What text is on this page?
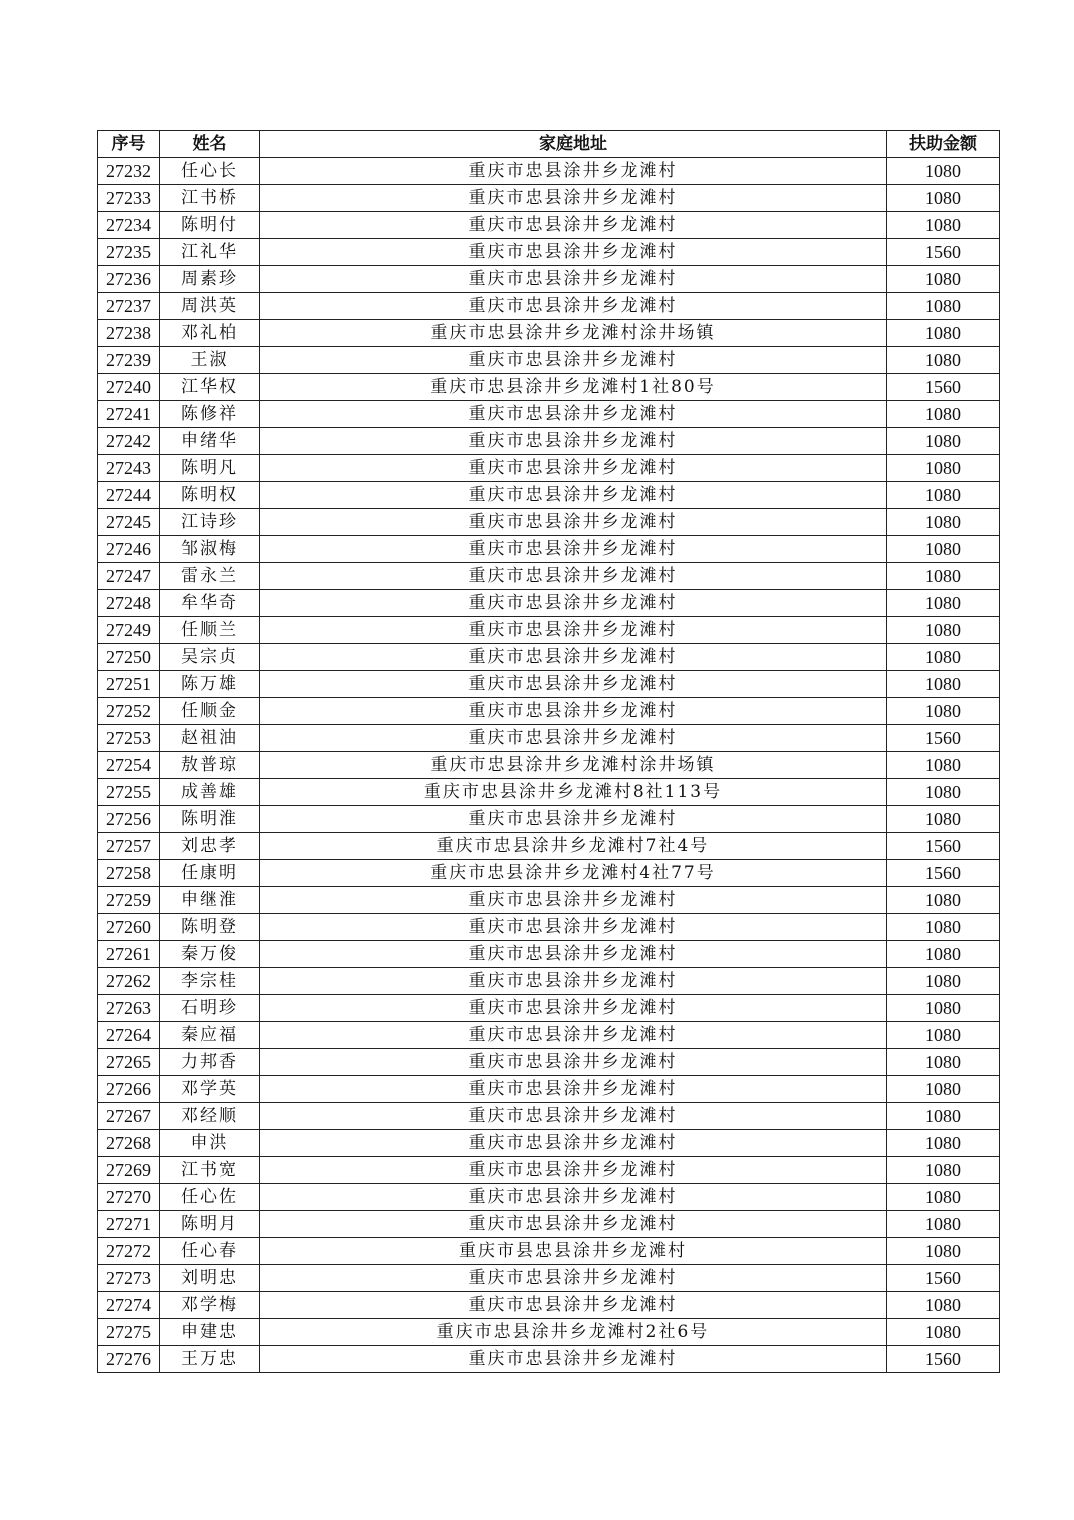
序号	姓名	家庭地址	扶助金额
27232	任心长	重庆市忠县涂井乡龙滩村	1080
27233	江书桥	重庆市忠县涂井乡龙滩村	1080
27234	陈明付	重庆市忠县涂井乡龙滩村	1080
27235	江礼华	重庆市忠县涂井乡龙滩村	1560
27236	周素珍	重庆市忠县涂井乡龙滩村	1080
27237	周洪英	重庆市忠县涂井乡龙滩村	1080
27238	邓礼柏	重庆市忠县涂井乡龙滩村涂井场镇	1080
27239	王淑	重庆市忠县涂井乡龙滩村	1080
27240	江华权	重庆市忠县涂井乡龙滩村1社80号	1560
27241	陈修祥	重庆市忠县涂井乡龙滩村	1080
27242	申绪华	重庆市忠县涂井乡龙滩村	1080
27243	陈明凡	重庆市忠县涂井乡龙滩村	1080
27244	陈明权	重庆市忠县涂井乡龙滩村	1080
27245	江诗珍	重庆市忠县涂井乡龙滩村	1080
27246	邹淑梅	重庆市忠县涂井乡龙滩村	1080
27247	雷永兰	重庆市忠县涂井乡龙滩村	1080
27248	牟华奇	重庆市忠县涂井乡龙滩村	1080
27249	任顺兰	重庆市忠县涂井乡龙滩村	1080
27250	吴宗贞	重庆市忠县涂井乡龙滩村	1080
27251	陈万雄	重庆市忠县涂井乡龙滩村	1080
27252	任顺金	重庆市忠县涂井乡龙滩村	1080
27253	赵祖油	重庆市忠县涂井乡龙滩村	1560
27254	敖普琼	重庆市忠县涂井乡龙滩村涂井场镇	1080
27255	成善雄	重庆市忠县涂井乡龙滩村8社113号	1080
27256	陈明淮	重庆市忠县涂井乡龙滩村	1080
27257	刘忠孝	重庆市忠县涂井乡龙滩村7社4号	1560
27258	任康明	重庆市忠县涂井乡龙滩村4社77号	1560
27259	申继淮	重庆市忠县涂井乡龙滩村	1080
27260	陈明登	重庆市忠县涂井乡龙滩村	1080
27261	秦万俊	重庆市忠县涂井乡龙滩村	1080
27262	李宗桂	重庆市忠县涂井乡龙滩村	1080
27263	石明珍	重庆市忠县涂井乡龙滩村	1080
27264	秦应福	重庆市忠县涂井乡龙滩村	1080
27265	力邦香	重庆市忠县涂井乡龙滩村	1080
27266	邓学英	重庆市忠县涂井乡龙滩村	1080
27267	邓经顺	重庆市忠县涂井乡龙滩村	1080
27268	申洪	重庆市忠县涂井乡龙滩村	1080
27269	江书宽	重庆市忠县涂井乡龙滩村	1080
27270	任心佐	重庆市忠县涂井乡龙滩村	1080
27271	陈明月	重庆市忠县涂井乡龙滩村	1080
27272	任心春	重庆市县忠县涂井乡龙滩村	1080
27273	刘明忠	重庆市忠县涂井乡龙滩村	1560
27274	邓学梅	重庆市忠县涂井乡龙滩村	1080
27275	申建忠	重庆市忠县涂井乡龙滩村2社6号	1080
27276	王万忠	重庆市忠县涂井乡龙滩村	1560
